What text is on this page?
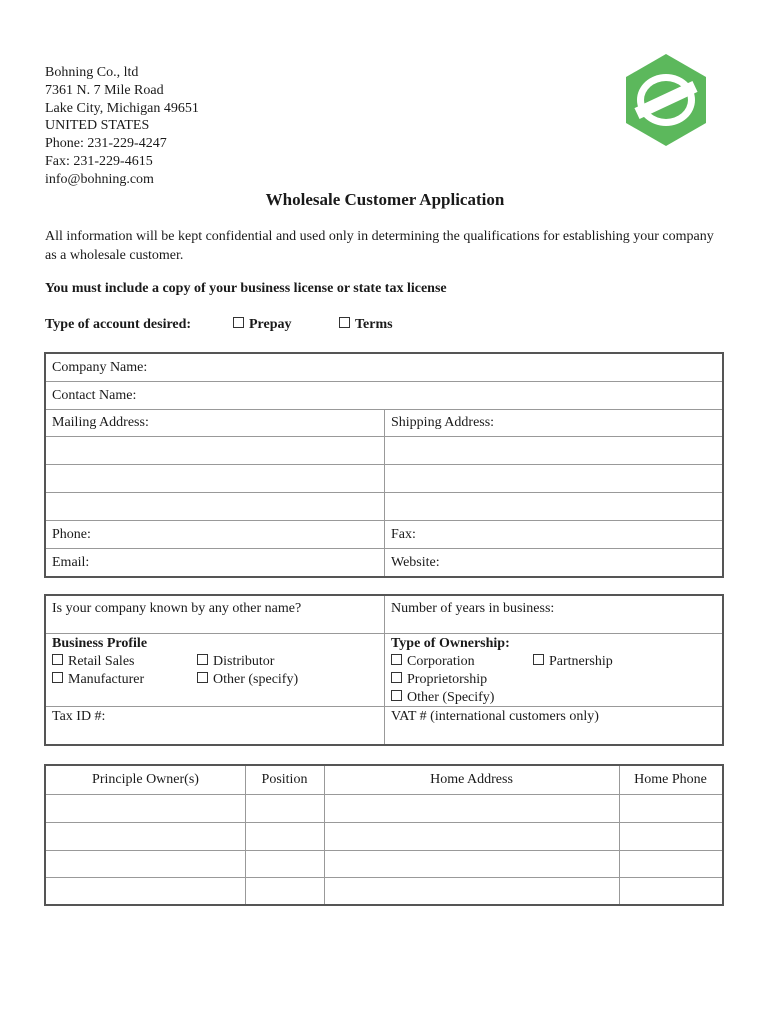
Bohning Co., ltd
7361 N. 7 Mile Road
Lake City, Michigan 49651
UNITED STATES
Phone: 231-229-4247
Fax: 231-229-4615
info@bohning.com
Wholesale Customer Application
All information will be kept confidential and used only in determining the qualifications for establishing your company as a wholesale customer.
You must include a copy of your business license or state tax license
Type of account desired:	Prepay	Terms
Company Name:
Contact Name:
Mailing Address:	Shipping Address:
Phone:	Fax:
Email:	Website:
Is your company known by any other name?	Number of years in business:
Business Profile
Retail Sales	Distributor
Manufacturer	Other (specify)
Type of Ownership:
Corporation	Partnership
Proprietorship
Other (Specify)
Tax ID #:	VAT # (international customers only)
Principle Owner(s)	Position	Home Address	Home Phone
